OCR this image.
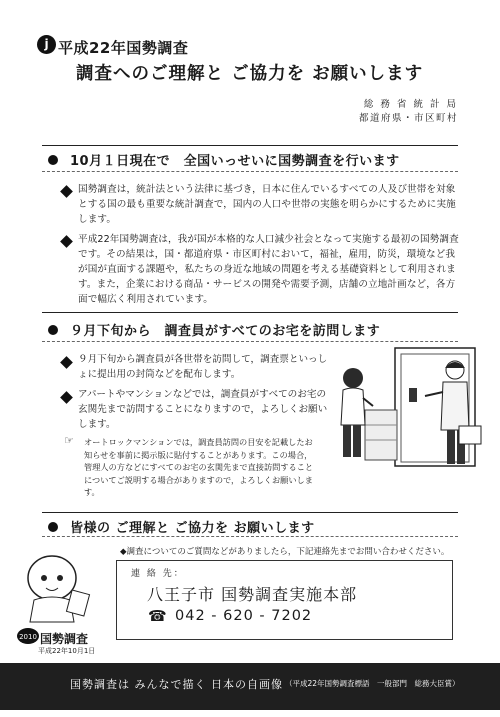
j 平成22年国勢調査
調査へのご理解と ご協力を お願いします
総 務 省 統 計 局
都道府県・市区町村
10月１日現在で　全国いっせいに国勢調査を行います
国勢調査は，統計法という法律に基づき，日本に住んでいるすべての人及び世帯を対象とする国の最も重要な統計調査で，国内の人口や世帯の実態を明らかにするために実施します。
平成22年国勢調査は，我が国が本格的な人口減少社会となって実施する最初の国勢調査です。その結果は，国・都道府県・市区町村において，福祉，雇用，防災，環境など我が国が直面する課題や，私たちの身近な地域の問題を考える基礎資料として利用されます。また，企業における商品・サービスの開発や需要予測，店舗の立地計画など，各方面で幅広く利用されています。
９月下旬から　調査員がすべてのお宅を訪問します
９月下旬から調査員が各世帯を訪問して，調査票といっしょに提出用の封筒などを配布します。
アパートやマンションなどでは，調査員がすべてのお宅の玄関先まで訪問することになりますので，よろしくお願いします。
☞ オートロックマンションでは，調査員訪問の目安を記載したお知らせを事前に掲示版に貼付することがあります。この場合，管理人の方などにすべてのお宅の玄関先まで直接訪問することについてご説明する場合がありますので，よろしくお願いします。
皆様の ご理解と ご協力を お願いします
◆調査についてのご質問などがありましたら，下記連絡先までお問い合わせください。
連 絡 先：
八王子市 国勢調査実施本部
☎ 042 - 620 - 7202
2010 国勢調査
平成22年10月1日
国勢調査は みんなで描く 日本の自画像 （平成22年国勢調査標語　一般部門　総務大臣賞）
